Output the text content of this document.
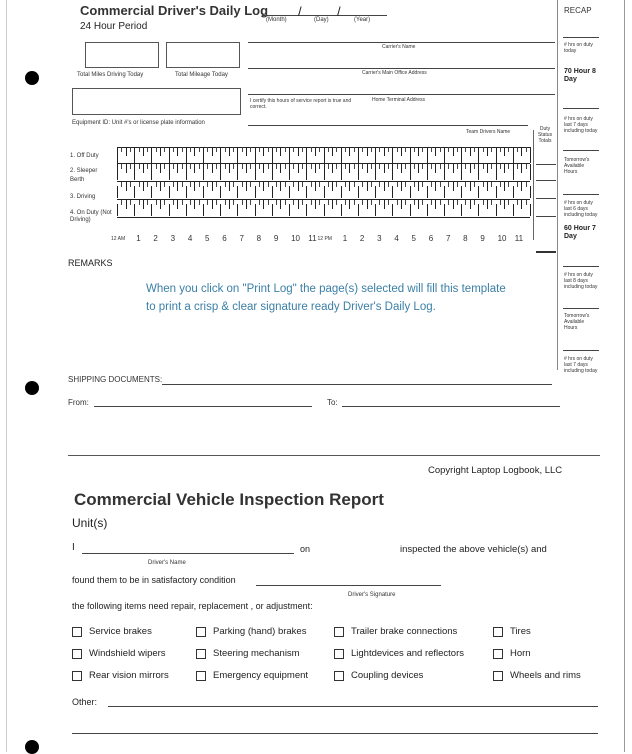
Commercial Driver's Daily Log
24 Hour Period
/	/
(Month)	(Day)	(Year)
Total Miles Driving Today	Total Mileage Today
Equipment ID: Unit #'s or license plate information
Carrier's Name
Carrier's Main Office Address
I certify this hours of service report is true and correct.
Home Terminal Address
Team Drivers Name	Duty Status Totals
1. Off Duty
2. Sleeper Berth
3. Driving
4. On Duty (Not Driving)
12 AM 1 2 3 4 5 6 7 8 9 10 11 12 PM 1 2 3 4 5 6 7 8 9 10 11
REMARKS
When you click on "Print Log" the page(s) selected will fill this template to print a crisp & clear signature ready Driver's Daily Log.
SHIPPING DOCUMENTS:
From:	To:
Copyright Laptop Logbook, LLC
RECAP
# hrs on duty today
70 Hour 8 Day
# hrs on duty last 7 days including today
Tomorrow's Available Hours
# hrs on duty last 6 days including today
60 Hour 7 Day
# hrs on duty last 8 days including today
Tomorrow's Available Hours
# hrs on duty last 7 days including today
Commercial Vehicle Inspection Report
Unit(s)
I	on	inspected the above vehicle(s) and
Driver's Name
found them to be in satisfactory condition
Driver's Signature
the following items need repair, replacement , or adjustment:
Service brakes	Parking (hand) brakes	Trailer brake connections	Tires
Windshield wipers	Steering mechanism	Lightdevices and reflectors	Horn
Rear vision mirrors	Emergency equipment	Coupling devices	Wheels and rims
Other:
